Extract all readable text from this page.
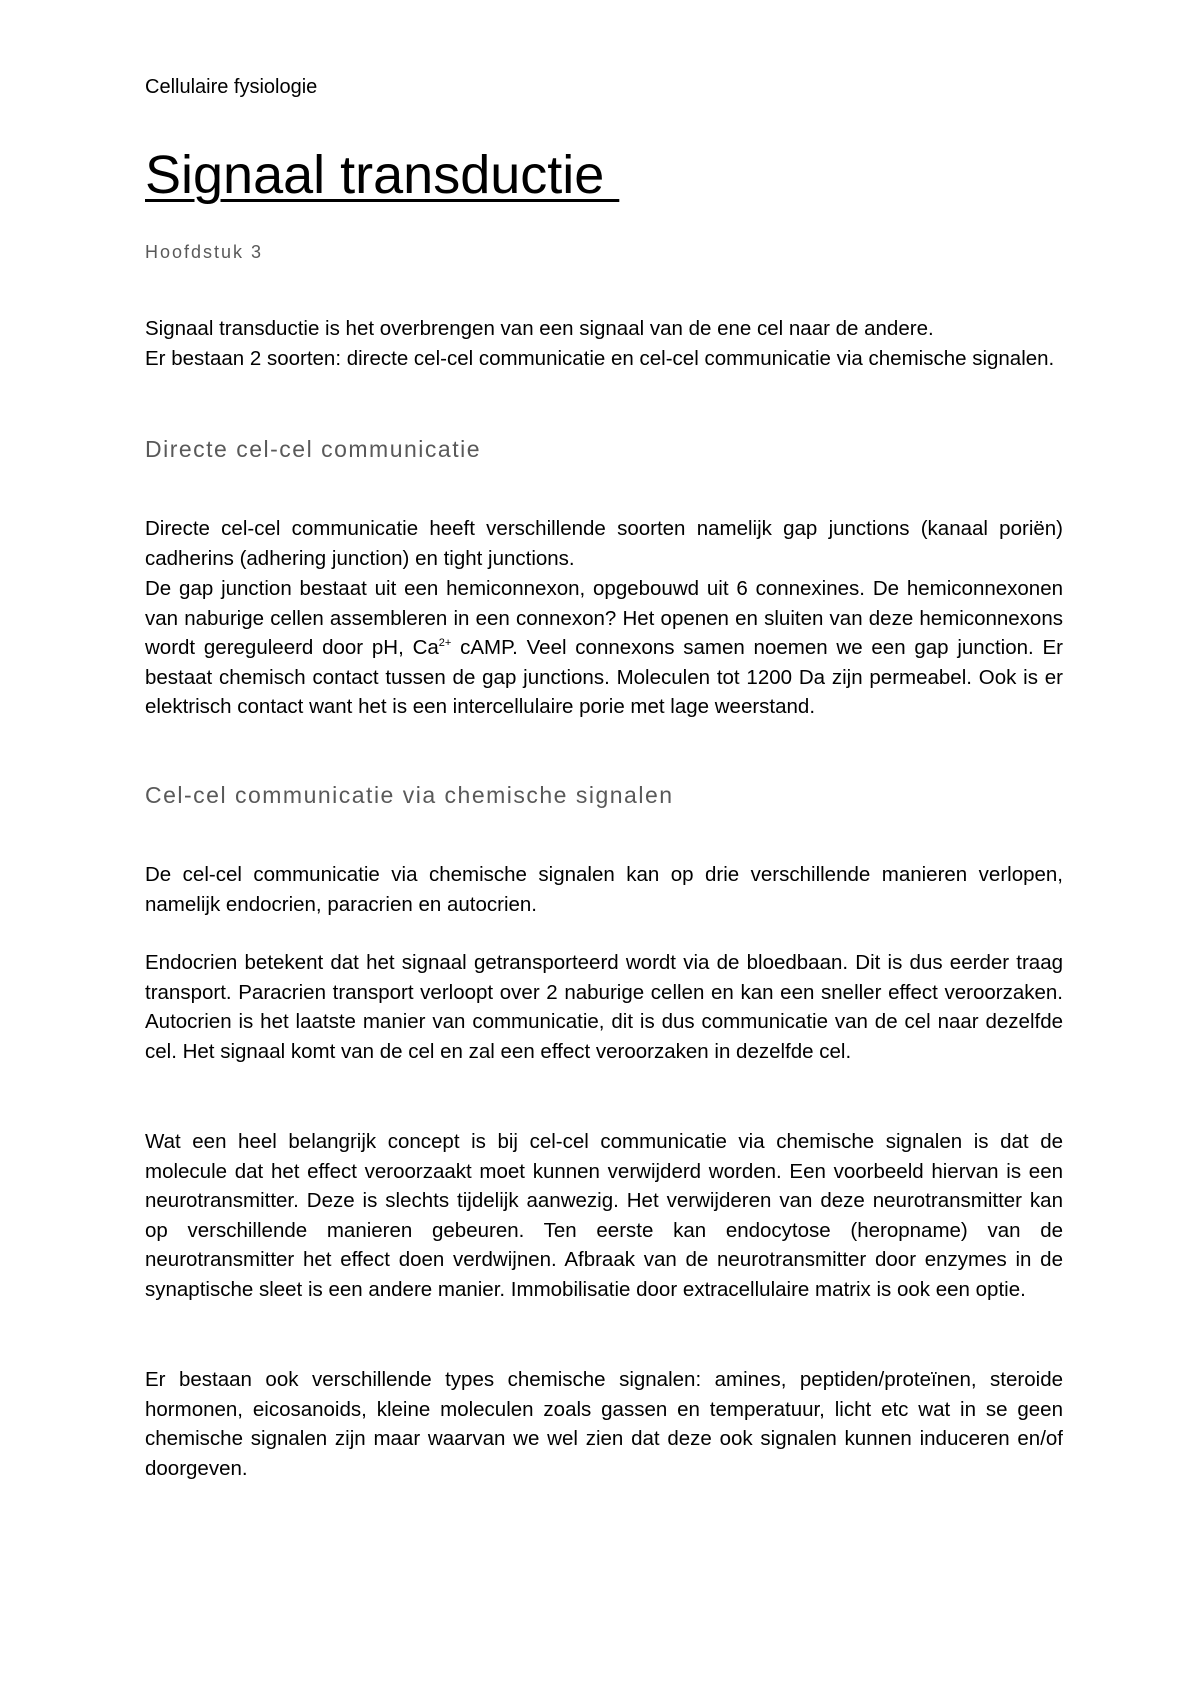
Cellulaire fysiologie
Signaal transductie
Hoofdstuk 3
Signaal transductie is het overbrengen van een signaal van de ene cel naar de andere.
Er bestaan 2 soorten: directe cel-cel communicatie en cel-cel communicatie via chemische signalen.
Directe cel-cel communicatie

Directe cel-cel communicatie heeft verschillende soorten namelijk gap junctions (kanaal poriën) cadherins (adhering junction) en tight junctions.

De gap junction bestaat uit een hemiconnexon, opgebouwd uit 6 connexines. De hemiconnexonen van naburige cellen assembleren in een connexon? Het openen en sluiten van deze hemiconnexons wordt gereguleerd door pH, $Ca^{2+}$ cAMP. Veel connexons samen noemen we een gap junction. Er bestaat chemisch contact tussen de gap junctions. Moleculen tot 1200 Da zijn permeabel. Ook is er elektrisch contact want het is een intercellulaire porie met lage weerstand.

Cel-cel communicatie via chemische signalen

De cel-cel communicatie via chemische signalen kan op drie verschillende manieren verlopen, namelijk endocrien, paracrien en autocrien.

Endocrien betekent dat het signaal getransporteerd wordt via de bloedbaan. Dit is dus eerder traag transport. Paracrien transport verloopt over 2 naburige cellen en kan een sneller effect veroorzaken. Autocrien is het laatste manier van communicatie, dit is dus communicatie van de cel naar dezelfde cel. Het signaal komt van de cel en zal een effect veroorzaken in dezelfde cel.

Wat een heel belangrijk concept is bij cel-cel communicatie via chemische signalen is dat de molecule dat het effect veroorzaakt moet kunnen verwijderd worden. Een voorbeeld hiervan is een neurotransmitter. Deze is slechts tijdelijk aanwezig. Het verwijderen van deze neurotransmitter kan op verschillende manieren gebeuren. Ten eerste kan endocytose (heropname) van de neurotransmitter het effect doen verdwijnen. Afbraak van de neurotransmitter door enzymes in de synaptische sleet is een andere manier. Immobilisatie door extracellulaire matrix is ook een optie.

Er bestaan ook verschillende types chemische signalen: amines, peptiden/proteïnen, steroide hormonen, eicosanoids, kleine moleculen zoals gassen en temperatuur, licht etc wat in se geen chemische signalen zijn maar waarvan we wel zien dat deze ook signalen kunnen induceren en/of doorgeven.
